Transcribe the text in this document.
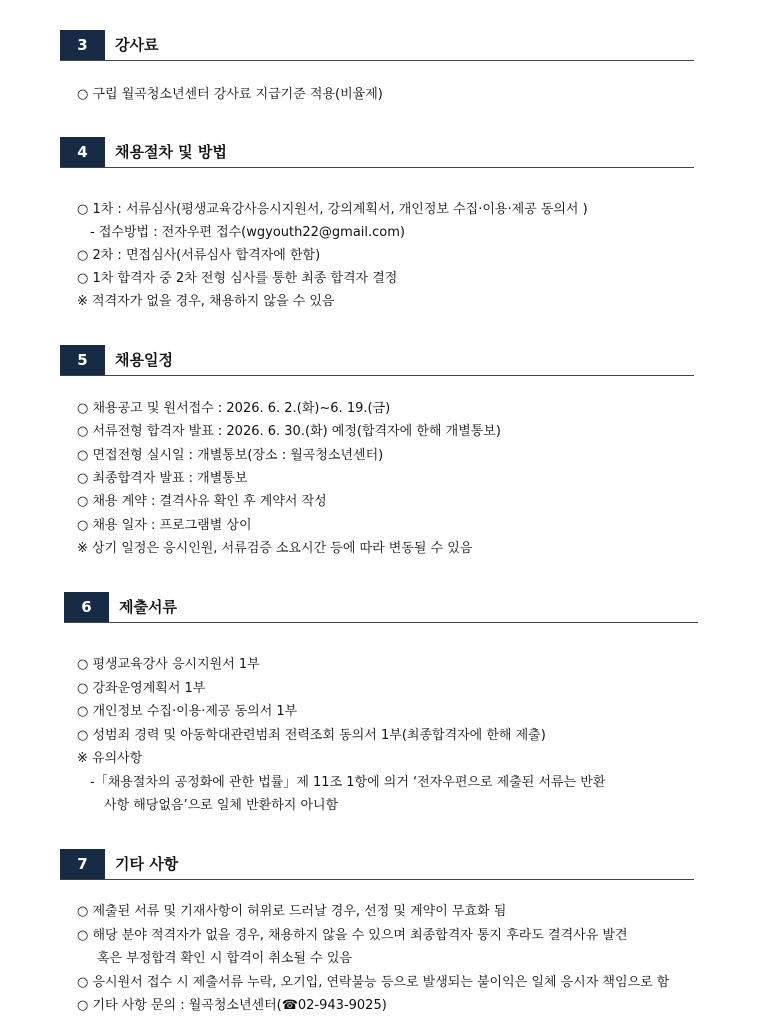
3	강사료
○ 구립 월곡청소년센터 강사료 지급기준 적용(비율제)
4	채용절차 및 방법
○ 1차 : 서류심사(평생교육강사응시지원서, 강의계획서, 개인정보 수집·이용·제공 동의서 )
- 접수방법 : 전자우편 접수(wgyouth22@gmail.com)
○ 2차 : 면접심사(서류심사 합격자에 한함)
○ 1차 합격자 중 2차 전형 심사를 통한 최종 합격자 결정
※ 적격자가 없을 경우, 채용하지 않을 수 있음
5	채용일정
○ 채용공고 및 원서접수 : 2026. 6. 2.(화)~6. 19.(금)
○ 서류전형 합격자 발표 : 2026. 6. 30.(화) 예정(합격자에 한해 개별통보)
○ 면접전형 실시일 : 개별통보(장소 : 월곡청소년센터)
○ 최종합격자 발표 : 개별통보
○ 채용 계약 : 결격사유 확인 후 계약서 작성
○ 채용 일자 : 프로그램별 상이
※ 상기 일정은 응시인원, 서류검증 소요시간 등에 따라 변동될 수 있음
6	제출서류
○ 평생교육강사 응시지원서 1부
○ 강좌운영계획서 1부
○ 개인정보 수집·이용·제공 동의서 1부
○ 성범죄 경력 및 아동학대관련범죄 전력조회 동의서 1부(최종합격자에 한해 제출)
※ 유의사항
-「채용절차의 공정화에 관한 법률」제 11조 1항에 의거 ‘전자우편으로 제출된 서류는 반환
사항 해당없음’으로 일체 반환하지 아니함
7	기타 사항
○ 제출된 서류 및 기재사항이 허위로 드러날 경우, 선정 및 계약이 무효화 됨
○ 해당 분야 적격자가 없을 경우, 채용하지 않을 수 있으며 최종합격자 통지 후라도 결격사유 발견
혹은 부정합격 확인 시 합격이 취소될 수 있음
○ 응시원서 접수 시 제출서류 누락, 오기입, 연락불능 등으로 발생되는 불이익은 일체 응시자 책임으로 함
○ 기타 사항 문의 : 월곡청소년센터(☎02-943-9025)
